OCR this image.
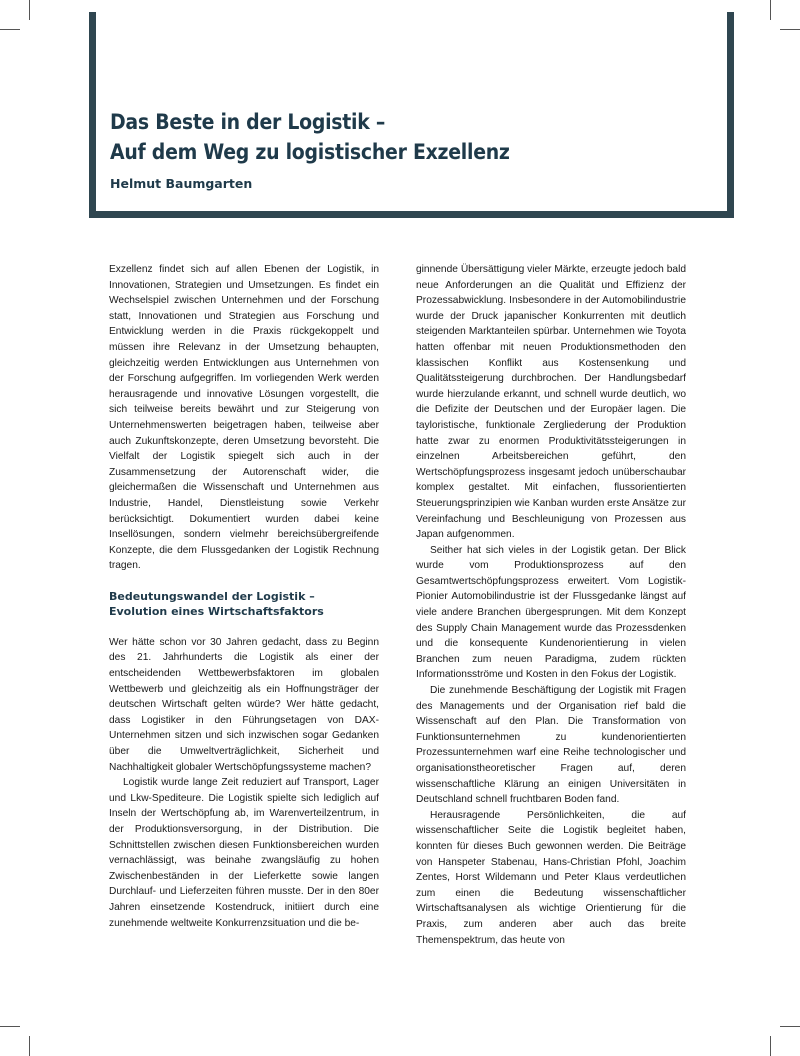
Das Beste in der Logistik –
Auf dem Weg zu logistischer Exzellenz
Helmut Baumgarten

Exzellenz findet sich auf allen Ebenen der Logistik, in Innovationen, Strategien und Umsetzungen. Es findet ein Wechselspiel zwischen Unternehmen und der Forschung statt, Innovationen und Strategien aus Forschung und Entwicklung werden in die Praxis rückgekoppelt und müssen ihre Relevanz in der Umsetzung behaupten, gleichzeitig werden Entwicklungen aus Unternehmen von der Forschung aufgegriffen. Im vorliegenden Werk werden herausragende und innovative Lösungen vorgestellt, die sich teilweise bereits bewährt und zur Steigerung von Unternehmenswerten beigetragen haben, teilweise aber auch Zukunftskonzepte, deren Umsetzung bevorsteht. Die Vielfalt der Logistik spiegelt sich auch in der Zusammensetzung der Autorenschaft wider, die gleichermaßen die Wissenschaft und Unternehmen aus Industrie, Handel, Dienstleistung sowie Verkehr berücksichtigt. Dokumentiert wurden dabei keine Insellösungen, sondern vielmehr bereichsübergreifende Konzepte, die dem Flussgedanken der Logistik Rechnung tragen.

Bedeutungswandel der Logistik –
Evolution eines Wirtschaftsfaktors

Wer hätte schon vor 30 Jahren gedacht, dass zu Beginn des 21. Jahrhunderts die Logistik als einer der entscheidenden Wettbewerbsfaktoren im globalen Wettbewerb und gleichzeitig als ein Hoffnungsträger der deutschen Wirtschaft gelten würde? Wer hätte gedacht, dass Logistiker in den Führungsetagen von DAX-Unternehmen sitzen und sich inzwischen sogar Gedanken über die Umweltverträglichkeit, Sicherheit und Nachhaltigkeit globaler Wertschöpfungssysteme machen?

Logistik wurde lange Zeit reduziert auf Transport, Lager und Lkw-Spediteure. Die Logistik spielte sich lediglich auf Inseln der Wertschöpfung ab, im Warenverteilzentrum, in der Produktionsversorgung, in der Distribution. Die Schnittstellen zwischen diesen Funktionsbereichen wurden vernachlässigt, was beinahe zwangsläufig zu hohen Zwischenbeständen in der Lieferkette sowie langen Durchlauf- und Lieferzeiten führen musste. Der in den 80er Jahren einsetzende Kostendruck, initiiert durch eine zunehmende weltweite Konkurrenzsituation und die be-

ginnende Übersättigung vieler Märkte, erzeugte jedoch bald neue Anforderungen an die Qualität und Effizienz der Prozessabwicklung. Insbesondere in der Automobilindustrie wurde der Druck japanischer Konkurrenten mit deutlich steigenden Marktanteilen spürbar. Unternehmen wie Toyota hatten offenbar mit neuen Produktionsmethoden den klassischen Konflikt aus Kostensenkung und Qualitätssteigerung durchbrochen. Der Handlungsbedarf wurde hierzulande erkannt, und schnell wurde deutlich, wo die Defizite der Deutschen und der Europäer lagen. Die tayloristische, funktionale Zergliederung der Produktion hatte zwar zu enormen Produktivitätssteigerungen in einzelnen Arbeitsbereichen geführt, den Wertschöpfungsprozess insgesamt jedoch unüberschaubar komplex gestaltet. Mit einfachen, flussorientierten Steuerungsprinzipien wie Kanban wurden erste Ansätze zur Vereinfachung und Beschleunigung von Prozessen aus Japan aufgenommen.

Seither hat sich vieles in der Logistik getan. Der Blick wurde vom Produktionsprozess auf den Gesamtwertschöpfungsprozess erweitert. Vom Logistik-Pionier Automobilindustrie ist der Flussgedanke längst auf viele andere Branchen übergesprungen. Mit dem Konzept des Supply Chain Management wurde das Prozessdenken und die konsequente Kundenorientierung in vielen Branchen zum neuen Paradigma, zudem rückten Informationsströme und Kosten in den Fokus der Logistik.

Die zunehmende Beschäftigung der Logistik mit Fragen des Managements und der Organisation rief bald die Wissenschaft auf den Plan. Die Transformation von Funktionsunternehmen zu kundenorientierten Prozessunternehmen warf eine Reihe technologischer und organisationstheoretischer Fragen auf, deren wissenschaftliche Klärung an einigen Universitäten in Deutschland schnell fruchtbaren Boden fand.

Herausragende Persönlichkeiten, die auf wissenschaftlicher Seite die Logistik begleitet haben, konnten für dieses Buch gewonnen werden. Die Beiträge von Hanspeter Stabenau, Hans-Christian Pfohl, Joachim Zentes, Horst Wildemann und Peter Klaus verdeutlichen zum einen die Bedeutung wissenschaftlicher Wirtschaftsanalysen als wichtige Orientierung für die Praxis, zum anderen aber auch das breite Themenspektrum, das heute von
